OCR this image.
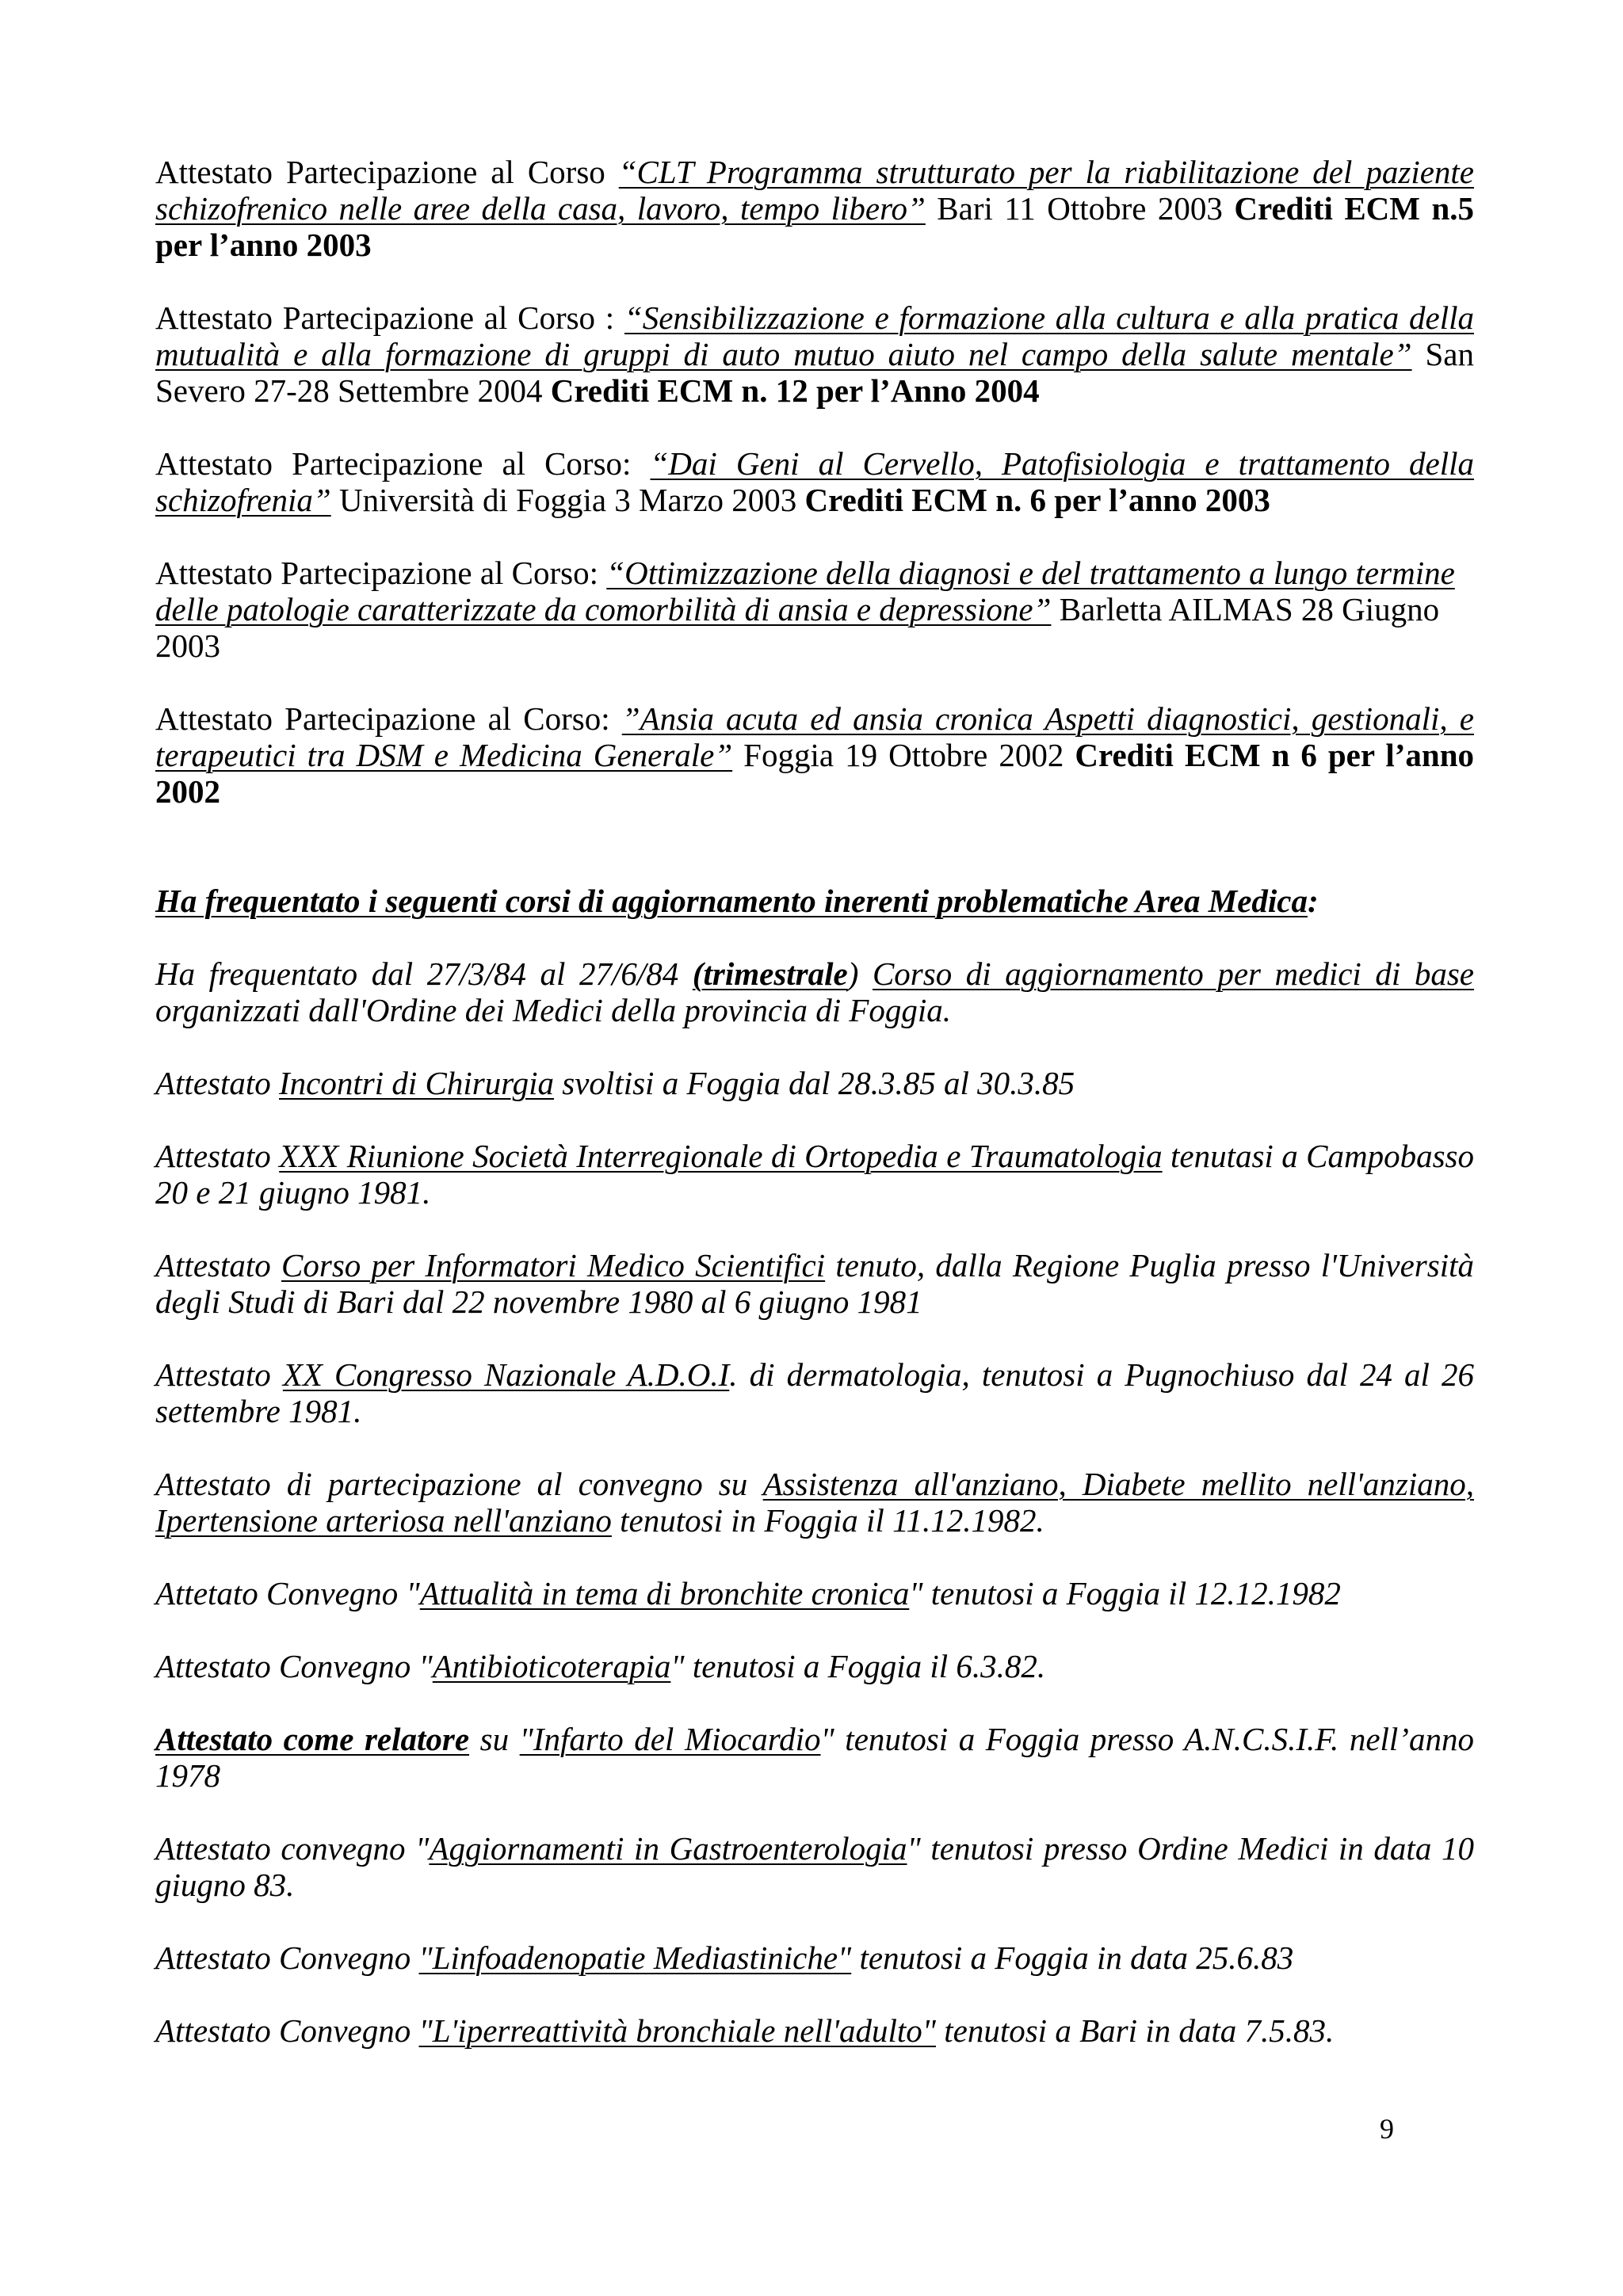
Attestato Partecipazione al Corso “CLT Programma strutturato per la riabilitazione del paziente schizofrenico nelle aree della casa, lavoro, tempo libero” Bari 11 Ottobre 2003 Crediti ECM n.5 per l’anno 2003

Attestato Partecipazione al Corso : “Sensibilizzazione e formazione alla cultura e alla pratica della mutualità e alla formazione di gruppi di auto mutuo aiuto nel campo della salute mentale” San Severo 27-28 Settembre 2004 Crediti ECM n. 12 per l’Anno 2004

Attestato Partecipazione al Corso: “Dai Geni al Cervello, Patofisiologia e trattamento della schizofrenia” Università di Foggia 3 Marzo 2003 Crediti ECM n. 6 per l’anno 2003

Attestato Partecipazione al Corso: “Ottimizzazione della diagnosi e del trattamento a lungo termine delle patologie caratterizzate da comorbilità di ansia e depressione” Barletta AILMAS 28 Giugno 2003

Attestato Partecipazione al Corso: ”Ansia acuta ed ansia cronica Aspetti diagnostici, gestionali, e terapeutici tra DSM e Medicina Generale” Foggia 19 Ottobre 2002 Crediti ECM n 6 per l’anno 2002

Ha frequentato i seguenti corsi di aggiornamento inerenti problematiche Area Medica:

Ha frequentato dal 27/3/84 al 27/6/84 (trimestrale) Corso di aggiornamento per medici di base organizzati dall'Ordine dei Medici della provincia di Foggia.

Attestato Incontri di Chirurgia svoltisi a Foggia dal 28.3.85 al 30.3.85

Attestato XXX Riunione Società Interregionale di Ortopedia e Traumatologia tenutasi a Campobasso 20 e 21 giugno 1981.

Attestato Corso per Informatori Medico Scientifici tenuto, dalla Regione Puglia presso l'Università degli Studi di Bari dal 22 novembre 1980 al 6 giugno 1981

Attestato XX Congresso Nazionale A.D.O.I. di dermatologia, tenutosi a Pugnochiuso dal 24 al 26 settembre 1981.

Attestato di partecipazione al convegno su Assistenza all'anziano, Diabete mellito nell'anziano, Ipertensione arteriosa nell'anziano tenutosi in Foggia il 11.12.1982.

Attetato Convegno "Attualità in tema di bronchite cronica" tenutosi a Foggia il 12.12.1982

Attestato Convegno "Antibioticoterapia" tenutosi a Foggia il 6.3.82.

Attestato come relatore su "Infarto del Miocardio" tenutosi a Foggia presso A.N.C.S.I.F. nell’anno 1978

Attestato convegno "Aggiornamenti in Gastroenterologia" tenutosi presso Ordine Medici in data 10 giugno 83.

Attestato Convegno "Linfoadenopatie Mediastiniche" tenutosi a Foggia in data 25.6.83

Attestato Convegno "L'iperreattività bronchiale nell'adulto" tenutosi a Bari in data 7.5.83.

9
